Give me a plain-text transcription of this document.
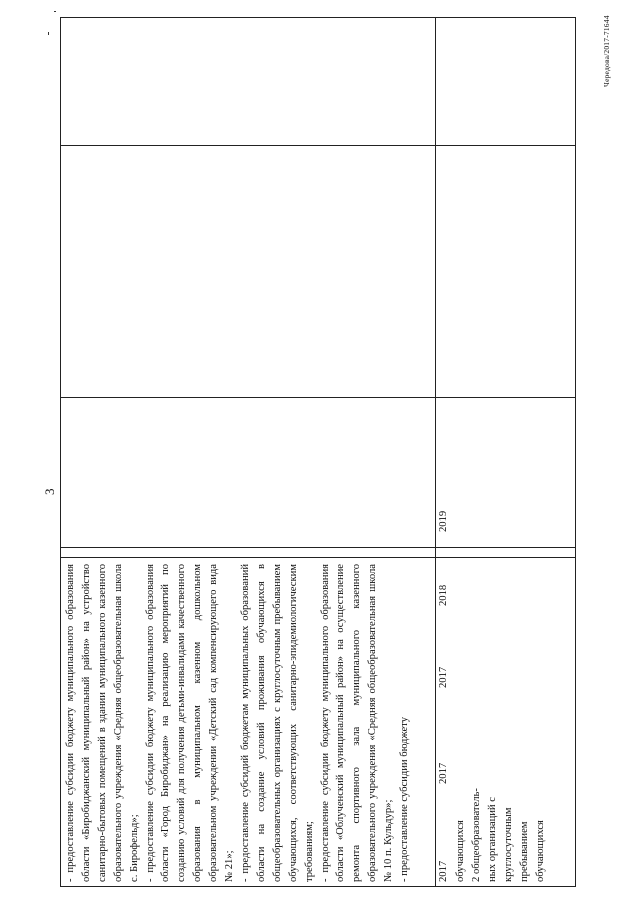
3

- предоставление субсидии бюджету муниципального образования области «Биробиджанский муниципальный район» на устройство санитарно-бытовых помещений в здании муниципального казенного образовательного учреждения «Средняя общеобразовательная школа с. Бирофельд»; - предоставление субсидии бюджету муниципального образования области «Город Биробиджан» на реализацию мероприятий по созданию условий для получения детьми-инвалидами качественного образования в муниципальном казенном дошкольном образовательном учреждении «Детский сад компенсирующего вида № 21»; - предоставление субсидий бюджетам муниципальных образований области на создание условий проживания обучающихся в общеобразовательных организациях с круглосуточным пребыванием обучающихся, соответствующих санитарно-эпидемиологическим требованиям; - предоставление субсидии бюджету муниципального образования области «Облученский муниципальный район» на осуществление ремонта спортивного зала муниципального казенного образовательного учреждения «Средняя общеобразовательная школа № 10 п. Кульдур»; - предоставление субсидии бюджету	2017
2017
2017
2018
2019

обучающихся 2 общеобразователь- ных организаций с круглосуточным пребыванием обучающихся

Чередова/2017-71644
